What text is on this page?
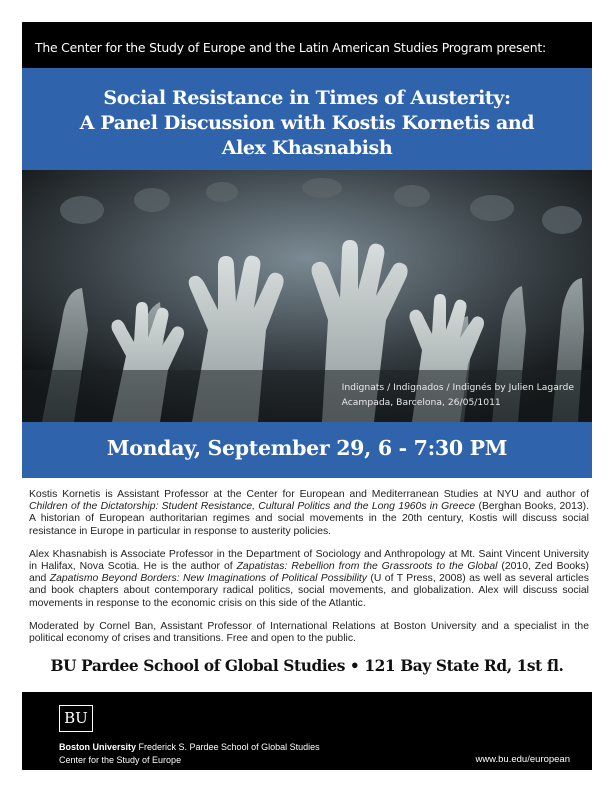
The Center for the Study of Europe and the Latin American Studies Program present:
Social Resistance in Times of Austerity:
A Panel Discussion with Kostis Kornetis and
Alex Khasnabish
Indignats / Indignados / Indignés by Julien Lagarde
Acampada, Barcelona, 26/05/1011
Monday, September 29, 6 - 7:30 PM

Kostis Kornetis is Assistant Professor at the Center for European and Mediterranean Studies at NYU and author of Children of the Dictatorship: Student Resistance, Cultural Politics and the Long 1960s in Greece (Berghan Books, 2013). A historian of European authoritarian regimes and social movements in the 20th century, Kostis will discuss social resistance in Europe in particular in response to austerity policies.

Alex Khasnabish is Associate Professor in the Department of Sociology and Anthropology at Mt. Saint Vincent University in Halifax, Nova Scotia. He is the author of Zapatistas: Rebellion from the Grassroots to the Global (2010, Zed Books) and Zapatismo Beyond Borders: New Imaginations of Political Possibility (U of T Press, 2008) as well as several articles and book chapters about contemporary radical politics, social movements, and globalization. Alex will discuss social movements in response to the economic crisis on this side of the Atlantic.

Moderated by Cornel Ban, Assistant Professor of International Relations at Boston University and a specialist in the political economy of crises and transitions. Free and open to the public.

BU Pardee School of Global Studies • 121 Bay State Rd, 1st fl.
BU
Boston University Frederick S. Pardee School of Global Studies
Center for the Study of Europe	www.bu.edu/european
